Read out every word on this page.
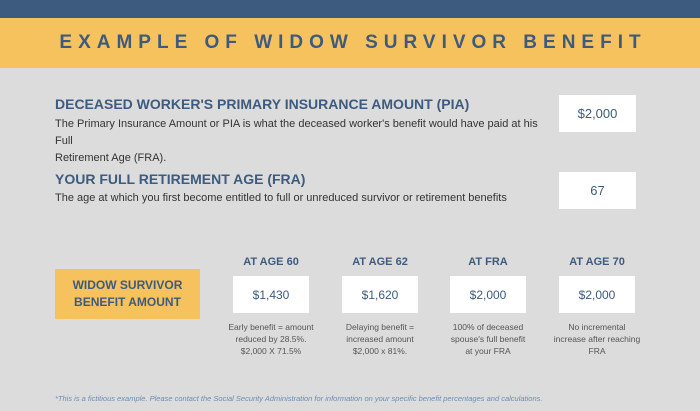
EXAMPLE OF WIDOW SURVIVOR BENEFIT
DECEASED WORKER'S PRIMARY INSURANCE AMOUNT (PIA)
The Primary Insurance Amount or PIA is what the deceased worker's benefit would have paid at his Full
Retirement Age (FRA).
$2,000
YOUR FULL RETIREMENT AGE (FRA)
The age at which you first become entitled to full or unreduced survivor or retirement benefits	67
WIDOW SURVIVOR
BENEFIT AMOUNT
AT AGE 60
$1,430
Early benefit = amount
reduced by 28.5%.
$2,000 X 71.5%
AT AGE 62
$1,620
Delaying benefit =
increased amount
$2,000 x 81%.
AT FRA
$2,000
100% of deceased
spouse's full benefit
at your FRA
AT AGE 70
$2,000
No incremental
increase after reaching
FRA
*This is a fictitious example. Please contact the Social Security Administration for information on your specific benefit percentages and calculations.
